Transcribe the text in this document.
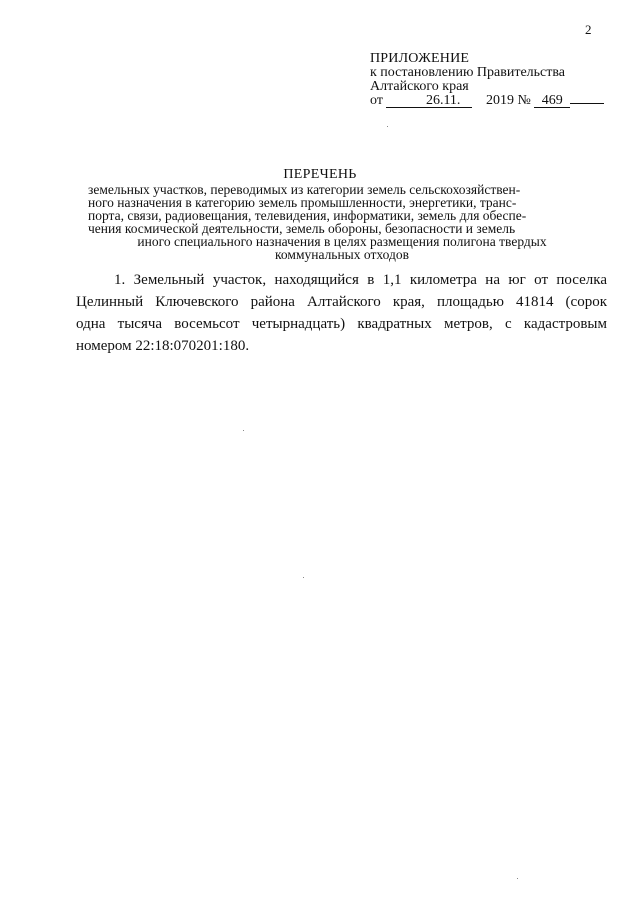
2
ПРИЛОЖЕНИЕ
к постановлению Правительства
Алтайского края
от	26.11. 2019 № 469
ПЕРЕЧЕНЬ
земельных участков, переводимых из категории земель сельскохозяйствен-
ного назначения в категорию земель промышленности, энергетики, транс-
порта, связи, радиовещания, телевидения, информатики, земель для обеспе-
чения космической деятельности, земель обороны, безопасности и земель
иного специального назначения в целях размещения полигона твердых
коммунальных отходов
1. Земельный участок, находящийся в 1,1 километра на юг от поселка
Целинный Ключевского района Алтайского края, площадью 41814 (сорок
одна тысяча восемьсот четырнадцать) квадратных метров, с кадастровым
номером 22:18:070201:180.
